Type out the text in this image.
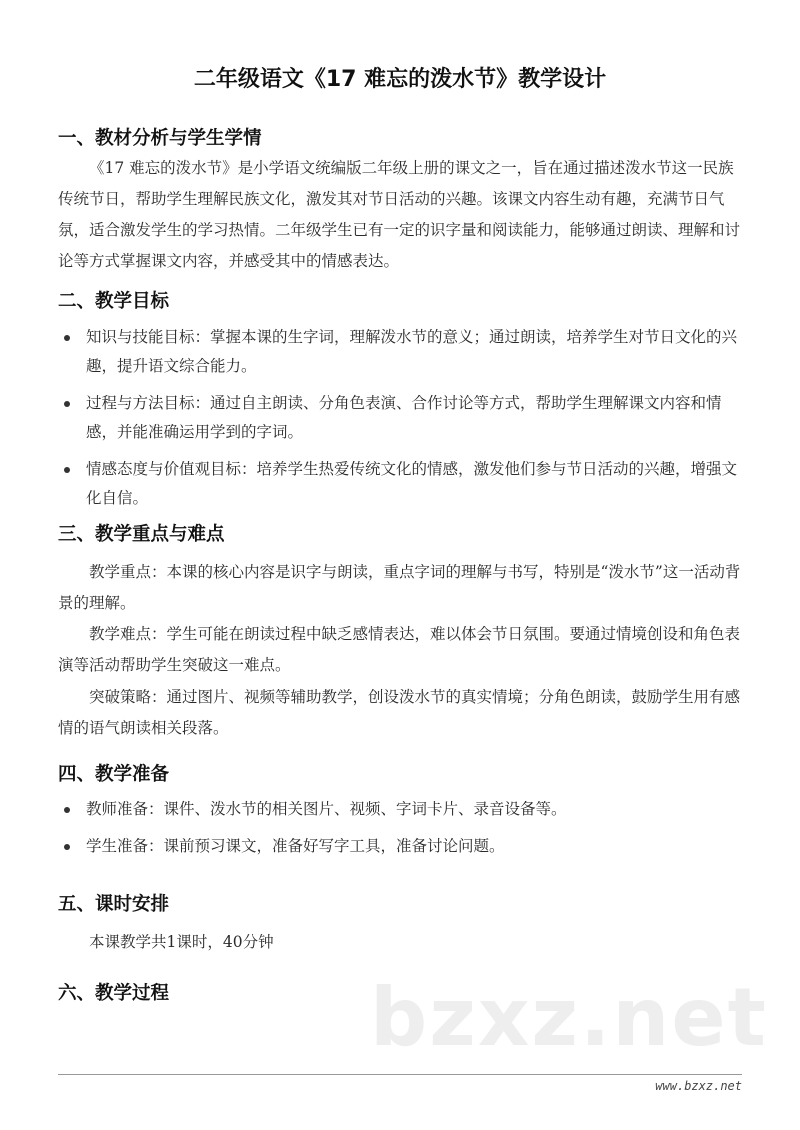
二年级语文《17 难忘的泼水节》教学设计
一、教材分析与学生学情

《17 难忘的泼水节》是小学语文统编版二年级上册的课文之一，旨在通过描述泼水节这一民族传统节日，帮助学生理解民族文化，激发其对节日活动的兴趣。该课文内容生动有趣，充满节日气氛，适合激发学生的学习热情。二年级学生已有一定的识字量和阅读能力，能够通过朗读、理解和讨论等方式掌握课文内容，并感受其中的情感表达。

二、教学目标
知识与技能目标：掌握本课的生字词，理解泼水节的意义；通过朗读，培养学生对节日文化的兴趣，提升语文综合能力。
过程与方法目标：通过自主朗读、分角色表演、合作讨论等方式，帮助学生理解课文内容和情感，并能准确运用学到的字词。
情感态度与价值观目标：培养学生热爱传统文化的情感，激发他们参与节日活动的兴趣，增强文化自信。
三、教学重点与难点

教学重点：本课的核心内容是识字与朗读，重点字词的理解与书写，特别是“泼水节”这一活动背景的理解。

教学难点：学生可能在朗读过程中缺乏感情表达，难以体会节日氛围。要通过情境创设和角色表演等活动帮助学生突破这一难点。

突破策略：通过图片、视频等辅助教学，创设泼水节的真实情境；分角色朗读，鼓励学生用有感情的语气朗读相关段落。

四、教学准备
教师准备：课件、泼水节的相关图片、视频、字词卡片、录音设备等。
学生准备：课前预习课文，准备好写字工具，准备讨论问题。
五、课时安排
本课教学共1课时，40分钟
六、教学过程	bzxz.net
www.bzxz.net
